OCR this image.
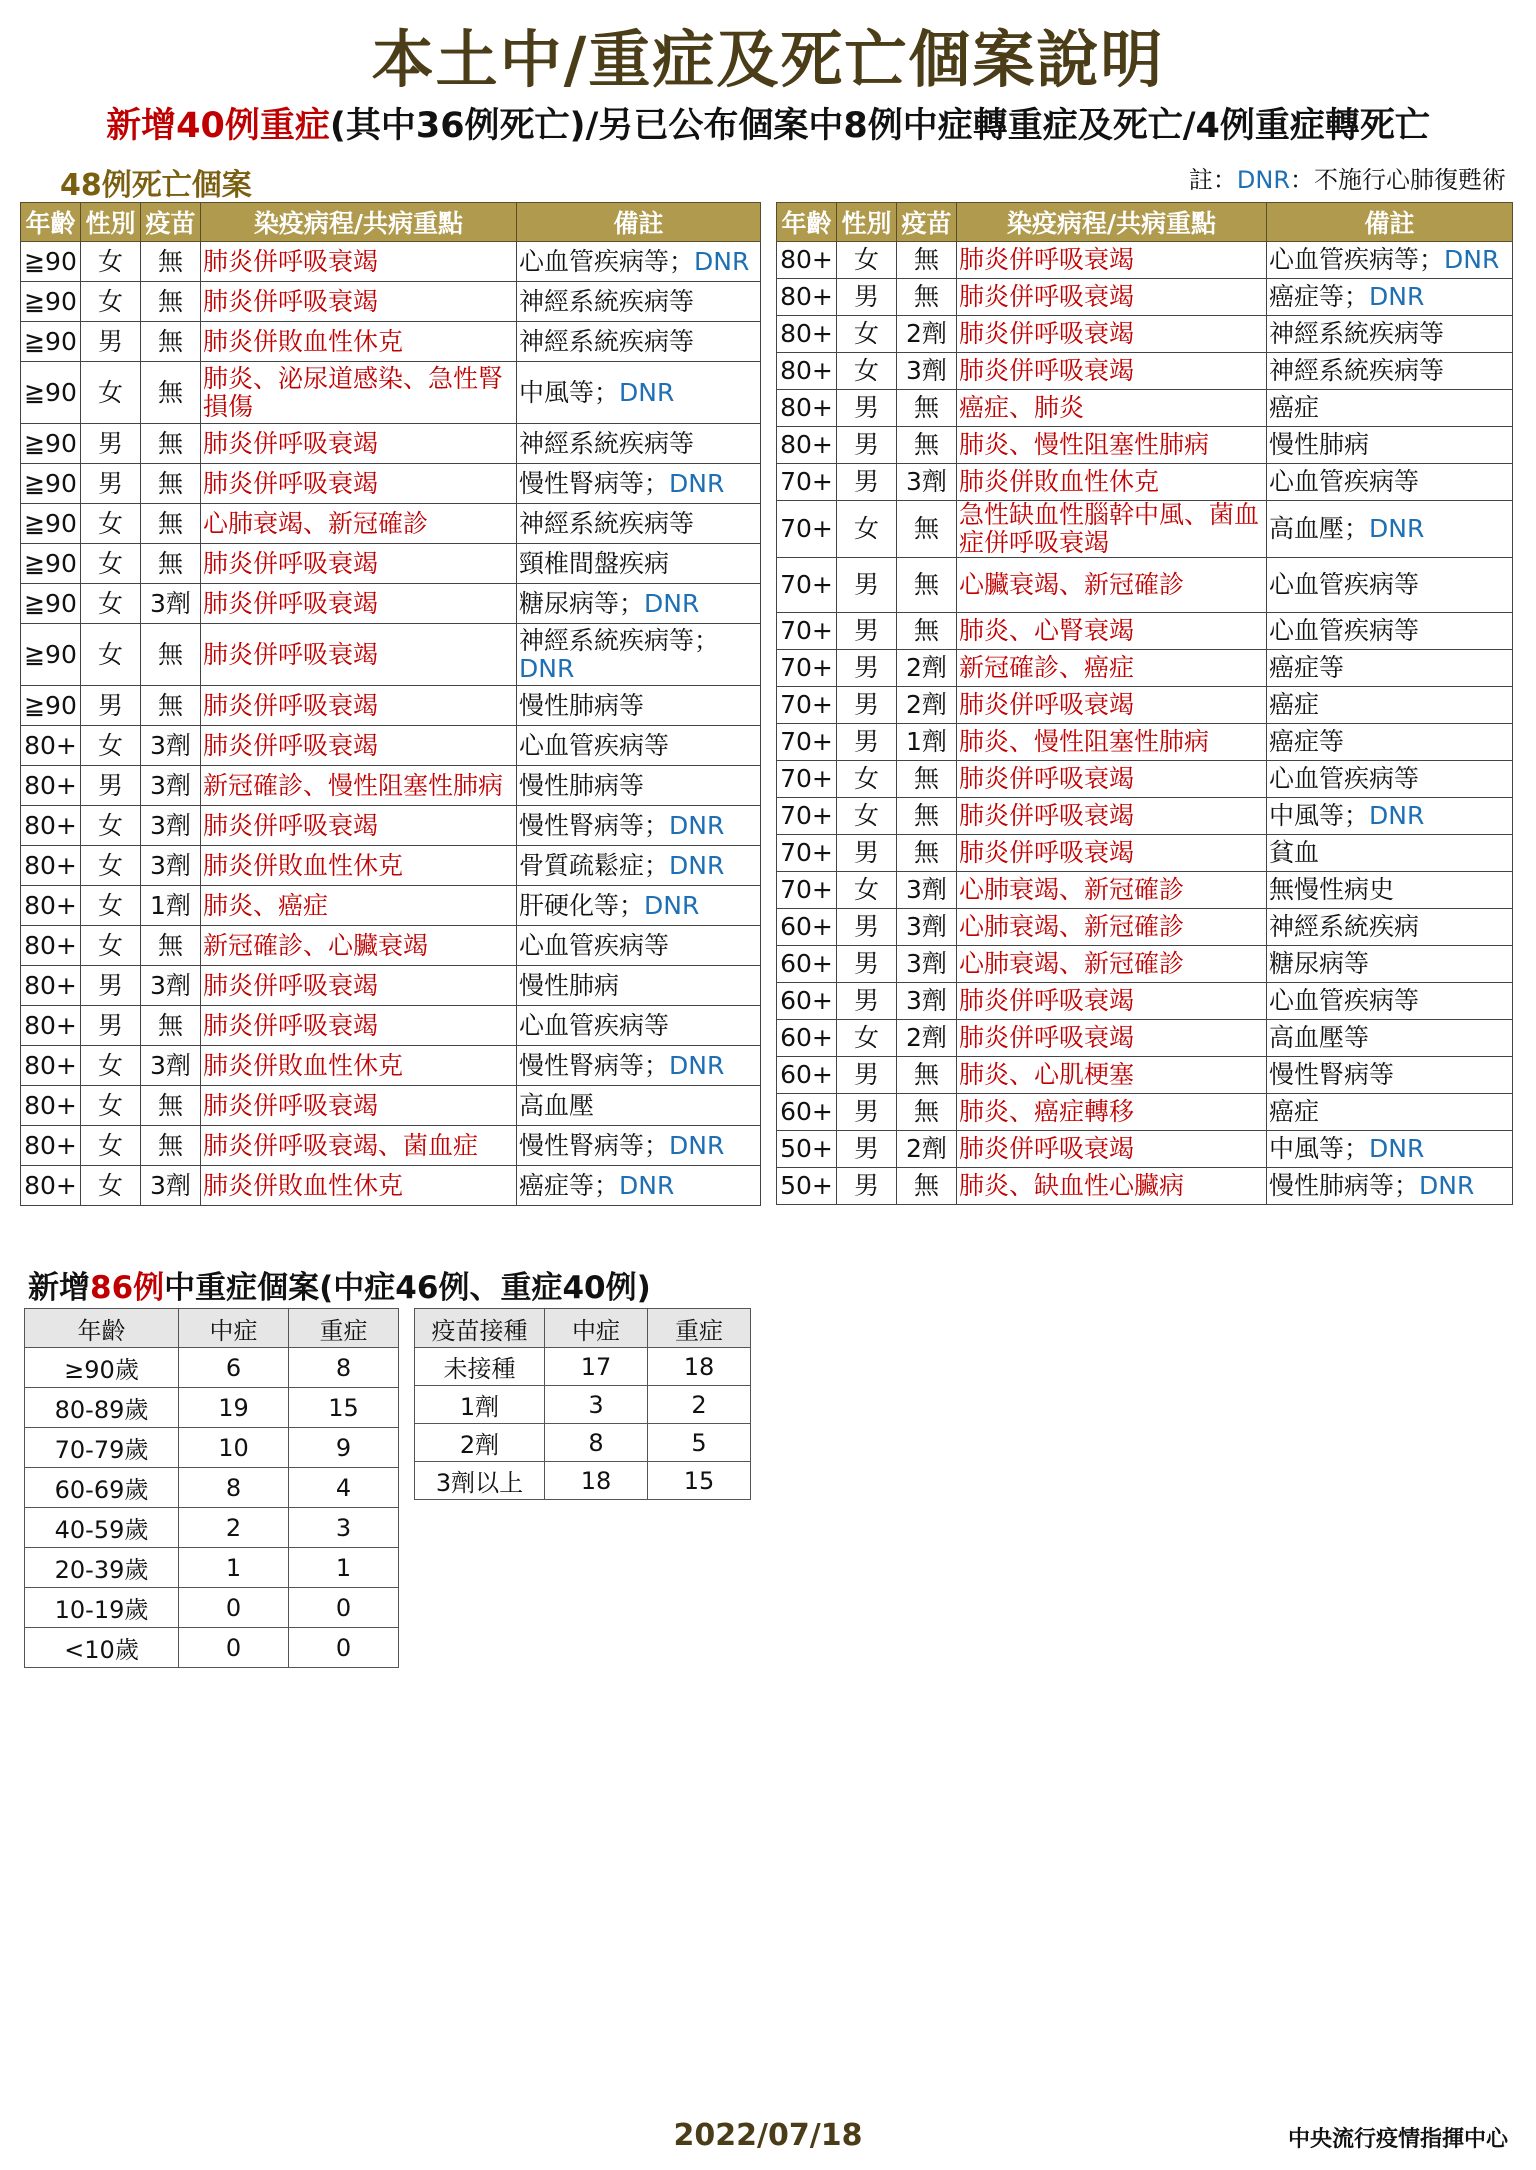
本土中/重症及死亡個案說明
新增40例重症(其中36例死亡)/另已公布個案中8例中症轉重症及死亡/4例重症轉死亡
48例死亡個案	註：DNR：不施行心肺復甦術
年齡	性別	疫苗	染疫病程/共病重點	備註
≧90	女	無	肺炎併呼吸衰竭	心血管疾病等；DNR
≧90	女	無	肺炎併呼吸衰竭	神經系統疾病等
≧90	男	無	肺炎併敗血性休克	神經系統疾病等
≧90	女	無	肺炎、泌尿道感染、急性腎損傷	中風等；DNR
≧90	男	無	肺炎併呼吸衰竭	神經系統疾病等
≧90	男	無	肺炎併呼吸衰竭	慢性腎病等；DNR
≧90	女	無	心肺衰竭、新冠確診	神經系統疾病等
≧90	女	無	肺炎併呼吸衰竭	頸椎間盤疾病
≧90	女	3劑	肺炎併呼吸衰竭	糖尿病等；DNR
≧90	女	無	肺炎併呼吸衰竭	神經系統疾病等；DNR
≧90	男	無	肺炎併呼吸衰竭	慢性肺病等
80+	女	3劑	肺炎併呼吸衰竭	心血管疾病等
80+	男	3劑	新冠確診、慢性阻塞性肺病	慢性肺病等
80+	女	3劑	肺炎併呼吸衰竭	慢性腎病等；DNR
80+	女	3劑	肺炎併敗血性休克	骨質疏鬆症；DNR
80+	女	1劑	肺炎、癌症	肝硬化等；DNR
80+	女	無	新冠確診、心臟衰竭	心血管疾病等
80+	男	3劑	肺炎併呼吸衰竭	慢性肺病
80+	男	無	肺炎併呼吸衰竭	心血管疾病等
80+	女	3劑	肺炎併敗血性休克	慢性腎病等；DNR
80+	女	無	肺炎併呼吸衰竭	高血壓
80+	女	無	肺炎併呼吸衰竭、菌血症	慢性腎病等；DNR
80+	女	3劑	肺炎併敗血性休克	癌症等；DNR
年齡	性別	疫苗	染疫病程/共病重點	備註
80+	女	無	肺炎併呼吸衰竭	心血管疾病等；DNR
80+	男	無	肺炎併呼吸衰竭	癌症等；DNR
80+	女	2劑	肺炎併呼吸衰竭	神經系統疾病等
80+	女	3劑	肺炎併呼吸衰竭	神經系統疾病等
80+	男	無	癌症、肺炎	癌症
80+	男	無	肺炎、慢性阻塞性肺病	慢性肺病
70+	男	3劑	肺炎併敗血性休克	心血管疾病等
70+	女	無	急性缺血性腦幹中風、菌血症併呼吸衰竭	高血壓；DNR
70+	男	無	心臟衰竭、新冠確診	心血管疾病等
70+	男	無	肺炎、心腎衰竭	心血管疾病等
70+	男	2劑	新冠確診、癌症	癌症等
70+	男	2劑	肺炎併呼吸衰竭	癌症
70+	男	1劑	肺炎、慢性阻塞性肺病	癌症等
70+	女	無	肺炎併呼吸衰竭	心血管疾病等
70+	女	無	肺炎併呼吸衰竭	中風等；DNR
70+	男	無	肺炎併呼吸衰竭	貧血
70+	女	3劑	心肺衰竭、新冠確診	無慢性病史
60+	男	3劑	心肺衰竭、新冠確診	神經系統疾病
60+	男	3劑	心肺衰竭、新冠確診	糖尿病等
60+	男	3劑	肺炎併呼吸衰竭	心血管疾病等
60+	女	2劑	肺炎併呼吸衰竭	高血壓等
60+	男	無	肺炎、心肌梗塞	慢性腎病等
60+	男	無	肺炎、癌症轉移	癌症
50+	男	2劑	肺炎併呼吸衰竭	中風等；DNR
50+	男	無	肺炎、缺血性心臟病	慢性肺病等；DNR
新增86例中重症個案(中症46例、重症40例)
年齡	中症	重症
≥90歲	6	8
80-89歲	19	15
70-79歲	10	9
60-69歲	8	4
40-59歲	2	3
20-39歲	1	1
10-19歲	0	0
<10歲	0	0
疫苗接種	中症	重症
未接種	17	18
1劑	3	2
2劑	8	5
3劑以上	18	15
2022/07/18	中央流行疫情指揮中心
